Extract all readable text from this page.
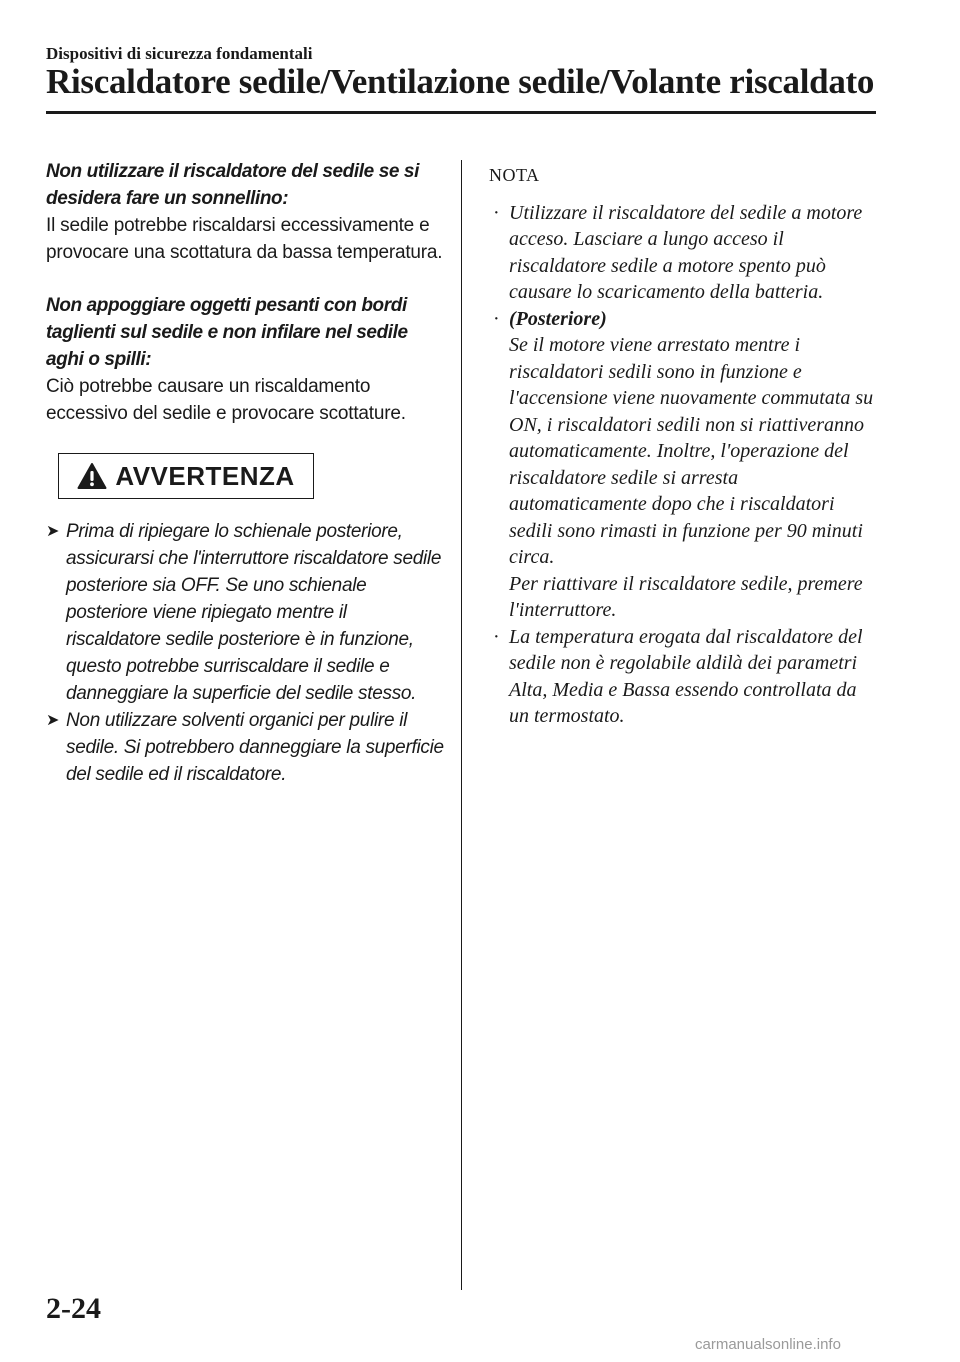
Dispositivi di sicurezza fondamentali
Riscaldatore sedile/Ventilazione sedile/Volante riscaldato
Non utilizzare il riscaldatore del sedile se si desidera fare un sonnellino:
Il sedile potrebbe riscaldarsi eccessivamente e provocare una scottatura da bassa temperatura.
Non appoggiare oggetti pesanti con bordi taglienti sul sedile e non infilare nel sedile aghi o spilli:
Ciò potrebbe causare un riscaldamento eccessivo del sedile e provocare scottature.
AVVERTENZA
➤ Prima di ripiegare lo schienale posteriore, assicurarsi che l'interruttore riscaldatore sedile posteriore sia OFF. Se uno schienale posteriore viene ripiegato mentre il riscaldatore sedile posteriore è in funzione, questo potrebbe surriscaldare il sedile e danneggiare la superficie del sedile stesso.
➤ Non utilizzare solventi organici per pulire il sedile. Si potrebbero danneggiare la superficie del sedile ed il riscaldatore.
NOTA
· Utilizzare il riscaldatore del sedile a motore acceso. Lasciare a lungo acceso il riscaldatore sedile a motore spento può causare lo scaricamento della batteria.
· (Posteriore)
Se il motore viene arrestato mentre i riscaldatori sedili sono in funzione e l'accensione viene nuovamente commutata su ON, i riscaldatori sedili non si riattiveranno automaticamente. Inoltre, l'operazione del riscaldatore sedile si arresta automaticamente dopo che i riscaldatori sedili sono rimasti in funzione per 90 minuti circa.
Per riattivare il riscaldatore sedile, premere l'interruttore.
· La temperatura erogata dal riscaldatore del sedile non è regolabile aldilà dei parametri Alta, Media e Bassa essendo controllata da un termostato.
2-24
carmanualsonline.info
